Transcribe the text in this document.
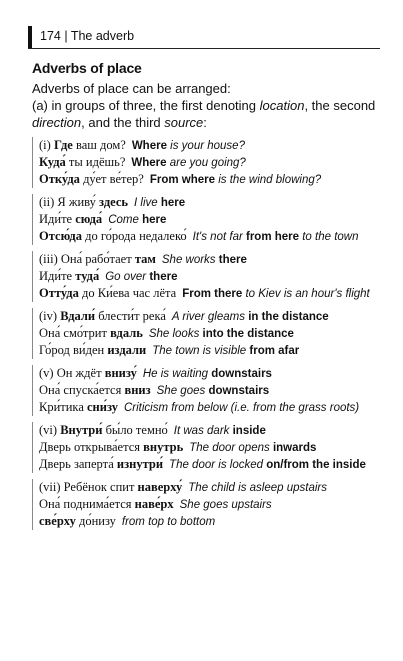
174 | The adverb
Adverbs of place

Adverbs of place can be arranged:

(a) in groups of three, the first denoting location, the second

direction, and the third source:

(i) Где ваш дом? Where is your house?
Куда́ ты идёшь? Where are you going?
Отку́да ду́ет ве́тер? From where is the wind blowing?
(ii) Я живу́ здесь I live here
Иди́те сюда́ Come here
Отсю́да до го́рода недалеко́ It's not far from here to the town
(iii) Она́ рабо́тает там She works there
Иди́те туда́ Go over there
Отту́да до Ки́ева час лёта From there to Kiev is an hour's flight
(iv) Вдали́ блести́т река́ A river gleams in the distance
Она́ смо́трит вдаль She looks into the distance
Го́род ви́ден издали The town is visible from afar
(v) Он ждёт внизу́ He is waiting downstairs
Она́ спуска́ется вниз She goes downstairs
Кри́тика сни́зу Criticism from below (i.e. from the grass roots)
(vi) Внутри́ бы́ло темно́ It was dark inside
Дверь открыва́ется внутрь The door opens inwards
Дверь заперта́ изнутри́ The door is locked on/from the inside
(vii) Ребёнок спит наверху́ The child is asleep upstairs
Она́ поднима́ется наве́рх She goes upstairs
све́рху до́низу from top to bottom
